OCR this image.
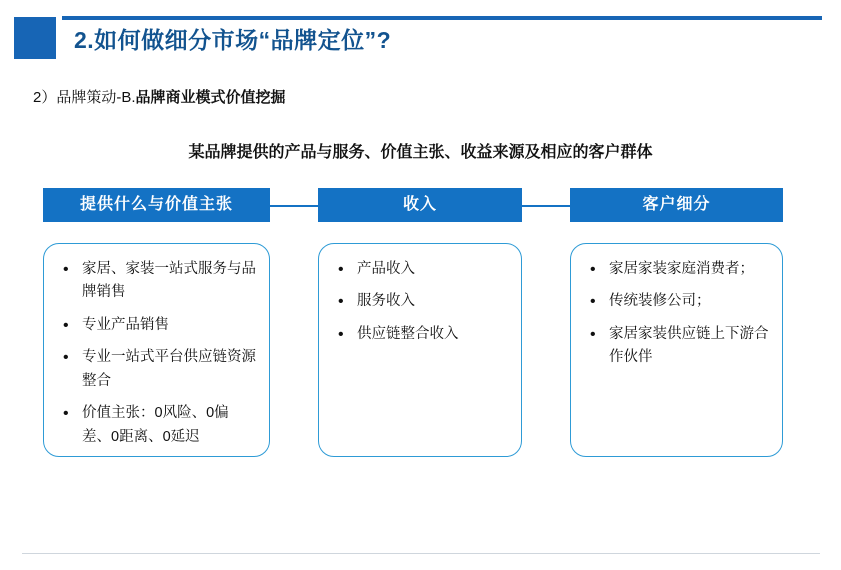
2.如何做细分市场“品牌定位”?
2）品牌策动-B.品牌商业模式价值挖掘
某品牌提供的产品与服务、价值主张、收益来源及相应的客户群体
提供什么与价值主张
• 家居、家装一站式服务与品牌销售
• 专业产品销售
• 专业一站式平台供应链资源整合
• 价值主张：0风险、0偏差、0距离、0延迟
收入
• 产品收入
• 服务收入
• 供应链整合收入
客户细分
• 家居家装家庭消费者；
• 传统装修公司；
• 家居家装供应链上下游合作伙伴
